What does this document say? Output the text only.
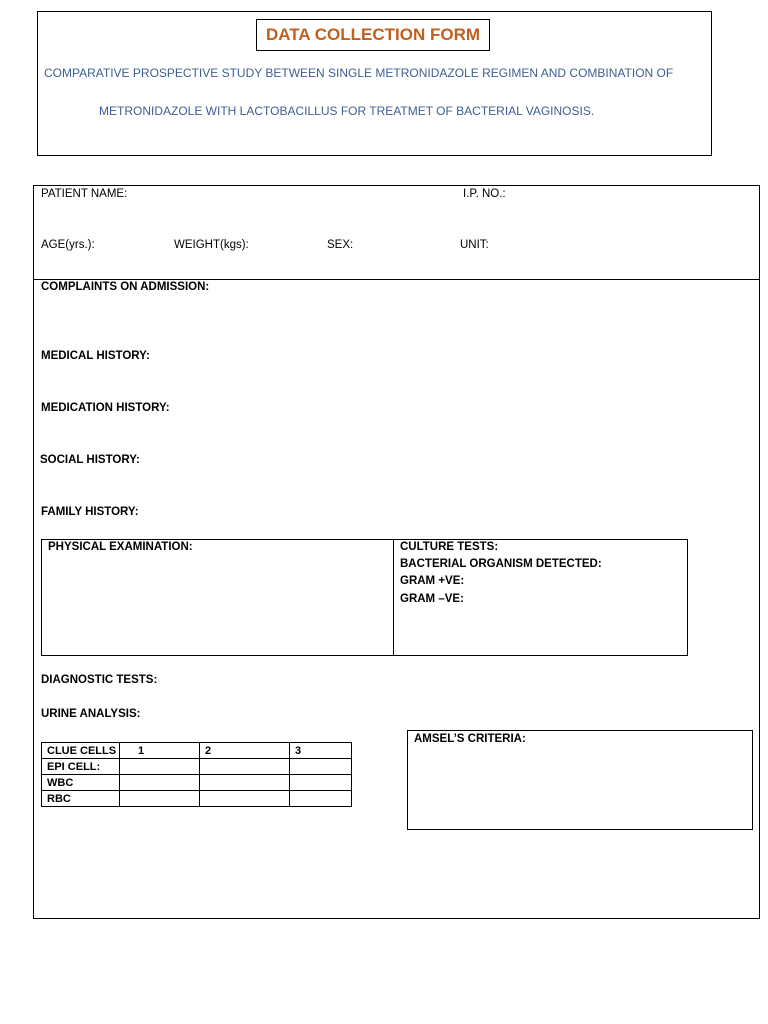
DATA COLLECTION FORM
COMPARATIVE PROSPECTIVE STUDY BETWEEN SINGLE METRONIDAZOLE REGIMEN AND COMBINATION OF
METRONIDAZOLE WITH LACTOBACILLUS FOR TREATMET OF BACTERIAL VAGINOSIS.
PATIENT NAME:	I.P. NO.:
AGE(yrs.):	WEIGHT(kgs):	SEX:	UNIT:
COMPLAINTS ON ADMISSION:
MEDICAL HISTORY:
MEDICATION HISTORY:
SOCIAL HISTORY:
FAMILY HISTORY:
PHYSICAL EXAMINATION:	CULTURE TESTS:
BACTERIAL ORGANISM DETECTED:
GRAM +VE:
GRAM –VE:
DIAGNOSTIC TESTS:
URINE ANALYSIS:
CLUE CELLS	1	2	3
EPI CELL:			
WBC			
RBC			
AMSEL’S CRITERIA:
